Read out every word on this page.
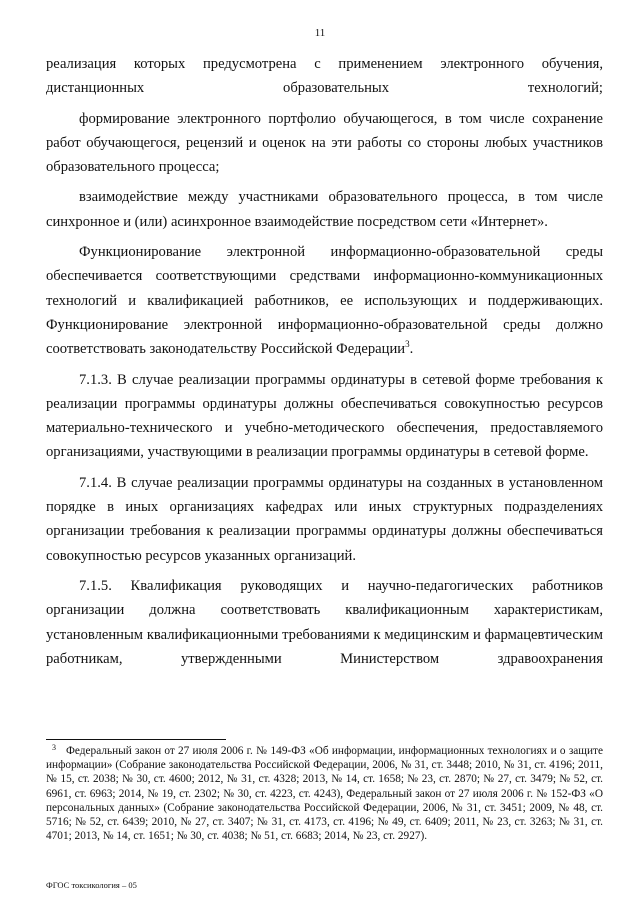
11

реализация которых предусмотрена с применением электронного обучения, дистанционных образовательных технологий;

формирование электронного портфолио обучающегося, в том числе сохранение работ обучающегося, рецензий и оценок на эти работы со стороны любых участников образовательного процесса;

взаимодействие между участниками образовательного процесса, в том числе синхронное и (или) асинхронное взаимодействие посредством сети «Интернет».

Функционирование электронной информационно-образовательной среды обеспечивается соответствующими средствами информационно-коммуникационных технологий и квалификацией работников, ее использующих и поддерживающих. Функционирование электронной информационно-образовательной среды должно соответствовать законодательству Российской Федерации$^3$.

7.1.3. В случае реализации программы ординатуры в сетевой форме требования к реализации программы ординатуры должны обеспечиваться совокупностью ресурсов материально-технического и учебно-методического обеспечения, предоставляемого организациями, участвующими в реализации программы ординатуры в сетевой форме.

7.1.4. В случае реализации программы ординатуры на созданных в установленном порядке в иных организациях кафедрах или иных структурных подразделениях организации требования к реализации программы ординатуры должны обеспечиваться совокупностью ресурсов указанных организаций.

7.1.5. Квалификация руководящих и научно-педагогических работников организации должна соответствовать квалификационным характеристикам, установленным квалификационными требованиями к медицинским и фармацевтическим работникам, утвержденными Министерством здравоохранения

$^3$ Федеральный закон от 27 июля 2006 г. № 149-ФЗ «Об информации, информационных технологиях и о защите информации» (Собрание законодательства Российской Федерации, 2006, № 31, ст. 3448; 2010, № 31, ст. 4196; 2011, № 15, ст. 2038; № 30, ст. 4600; 2012, № 31, ст. 4328; 2013, № 14, ст. 1658; № 23, ст. 2870; № 27, ст. 3479; № 52, ст. 6961, ст. 6963; 2014, № 19, ст. 2302; № 30, ст. 4223, ст. 4243), Федеральный закон от 27 июля 2006 г. № 152-ФЗ «О персональных данных» (Собрание законодательства Российской Федерации, 2006, № 31, ст. 3451; 2009, № 48, ст. 5716; № 52, ст. 6439; 2010, № 27, ст. 3407; № 31, ст. 4173, ст. 4196; № 49, ст. 6409; 2011, № 23, ст. 3263; № 31, ст. 4701; 2013, № 14, ст. 1651; № 30, ст. 4038; № 51, ст. 6683; 2014, № 23, ст. 2927).
ФГОС токсикология – 05
